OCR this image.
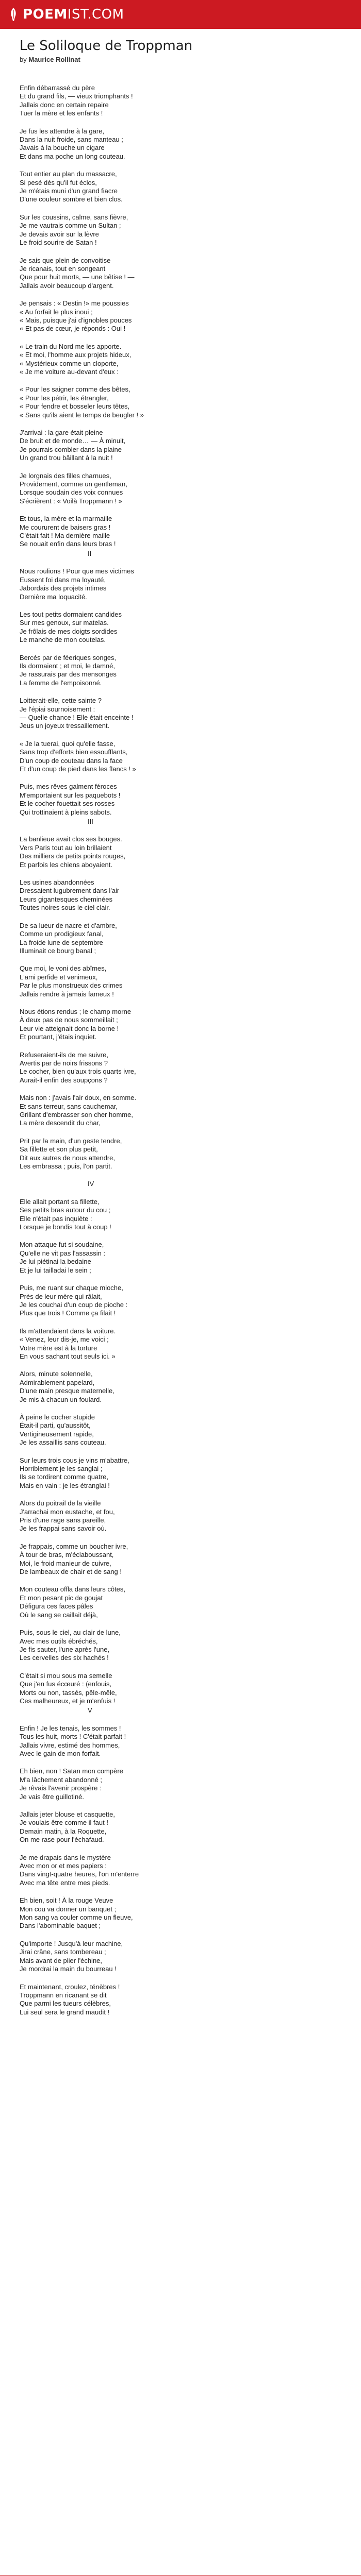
POEM IST.COM
Le Soliloque de Troppman
by Maurice Rollinat

Enfin débarrassé du père
Et du grand fils, — vieux triomphants !
Jallais donc en certain repaire
Tuer la mère et les enfants !

Je fus les attendre à la gare,
Dans la nuit froide, sans manteau ;
Javais à la bouche un cigare
Et dans ma poche un long couteau.

Tout entier au plan du massacre,
Si pesé dès qu'il fut éclos,
Je m'étais muni d'un grand fiacre
D'une couleur sombre et bien clos.

Sur les coussins, calme, sans fièvre,
Je me vautrais comme un Sultan ;
Je devais avoir sur la lèvre
Le froid sourire de Satan !

Je sais que plein de convoitise
Je ricanais, tout en songeant
Que pour huit morts, — une bêtise ! —
Jallais avoir beaucoup d'argent.

Je pensais : « Destin !» me poussies
« Au forfait le plus inoui ;
« Mais, puisque j'ai d'ignobles pouces
« Et pas de cœur, je réponds : Oui !

« Le train du Nord me les apporte.
« Et moi, l'homme aux projets hideux,
« Mystérieux comme un cloporte,
« Je me voiture au-devant d'eux :

« Pour les saigner comme des bêtes,
« Pour les pétrir, les étrangler,
« Pour fendre et bosseler leurs têtes,
« Sans qu'ils aient le temps de beugler ! »

J'arrivai : la gare était pleine
De bruit et de monde… — À minuit,
Je pourrais combler dans la plaine
Un grand trou bâillant à la nuit !

Je lorgnais des filles charnues,
Providement, comme un gentleman,
Lorsque soudain des voix connues
S'écrièrent : « Voilà Troppmann ! »

Et tous, la mère et la marmaille
Me coururent de baisers gras !
C'était fait ! Ma dernière maille
Se nouait enfin dans leurs bras !

II

Nous roulions ! Pour que mes victimes
Eussent foi dans ma loyauté,
Jabordais des projets intimes
Dernière ma loquacité.

Les tout petits dormaient candides
Sur mes genoux, sur matelas.
Je frôlais de mes doigts sordides
Le manche de mon coutelas.

Bercés par de féeriques songes,
Ils dormaient ; et moi, le damné,
Je rassurais par des mensonges
La femme de l'empoisonné.

Loitterait-elle, cette sainte ?
Je l'épiai sournoisement :
— Quelle chance ! Elle était enceinte !
Jeus un joyeux tressaillement.

« Je la tuerai, quoi qu'elle fasse,
Sans trop d'efforts bien essoufflants,
D'un coup de couteau dans la face
Et d'un coup de pied dans les flancs ! »

Puis, mes rêves galment féroces
M'emportaient sur les paquebots !
Et le cocher fouettait ses rosses
Qui trottinaient à pleins sabots.

III

La banlieue avait clos ses bouges.
Vers Paris tout au loin brillaient
Des milliers de petits points rouges,
Et parfois les chiens aboyaient.

Les usines abandonnées
Dressaient lugubrement dans l'air
Leurs gigantesques cheminées
Toutes noires sous le ciel clair.

De sa lueur de nacre et d'ambre,
Comme un prodigieux fanal,
La froide lune de septembre
Illuminait ce bourg banal ;

Que moi, le voni des abîmes,
L'ami perfide et venimeux,
Par le plus monstrueux des crimes
Jallais rendre à jamais fameux !

Nous étions rendus ; le champ morne
À deux pas de nous sommeillait ;
Leur vie atteignait donc la borne !
Et pourtant, j'étais inquiet.

Refuseraient-ils de me suivre,
Avertis par de noirs frissons ?
Le cocher, bien qu'aux trois quarts ivre,
Aurait-il enfin des soupçons ?

Mais non : j'avais l'air doux, en somme.
Et sans terreur, sans cauchemar,
Grillant d'embrasser son cher homme,
La mère descendit du char,

Prit par la main, d'un geste tendre,
Sa fillette et son plus petit,
Dit aux autres de nous attendre,
Les embrassa ; puis, l'on partit.

IV

Elle allait portant sa fillette,
Ses petits bras autour du cou ;
Elle n'était pas inquiète :
Lorsque je bondis tout à coup !

Mon attaque fut si soudaine,
Qu'elle ne vit pas l'assassin :
Je lui piétinai la bedaine
Et je lui tailladai le sein ;

Puis, me ruant sur chaque mioche,
Près de leur mère qui râlait,
Je les couchai d'un coup de pioche :
Plus que trois ! Comme ça filait !

Ils m'attendaient dans la voiture.
« Venez, leur dis-je, me voici ;
Votre mère est à la torture
En vous sachant tout seuls ici. »

Alors, minute solennelle,
Admirablement papelard,
D'une main presque maternelle,
Je mis à chacun un foulard.

À peine le cocher stupide
Était-il parti, qu'aussitôt,
Vertigineusement rapide,
Je les assaillis sans couteau.

Sur leurs trois cous je vins m'abattre,
Horriblement je les sanglai ;
Ils se tordirent comme quatre,
Mais en vain : je les étranglai !

Alors du poitrail de la vieille
J'arrachai mon eustache, et fou,
Pris d'une rage sans pareille,
Je les frappai sans savoir où.

Je frappais, comme un boucher ivre,
À tour de bras, m'éclaboussant,
Moi, le froid manieur de cuivre,
De lambeaux de chair et de sang !

Mon couteau offla dans leurs côtes,
Et mon pesant pic de goujat
Défigura ces faces pâles
Où le sang se caillait déjà,

Puis, sous le ciel, au clair de lune,
Avec mes outils ébréchés,
Je fis sauter, l'une après l'une,
Les cervelles des six hachés !

C'était si mou sous ma semelle
Que j'en fus écœuré : (enfouis,
Morts ou non, tassés, pêle-mêle,
Ces malheureux, et je m'enfuis !

V

Enfin ! Je les tenais, les sommes !
Tous les huit, morts ! C'était parfait !
Jallais vivre, estimé des hommes,
Avec le gain de mon forfait.

Eh bien, non ! Satan mon compère
M'a lâchement abandonné ;
Je rêvais l'avenir prospère :
Je vais être guillotiné.

Jallais jeter blouse et casquette,
Je voulais être comme il faut !
Demain matin, à la Roquette,
On me rase pour l'échafaud.

Je me drapais dans le mystère
Avec mon or et mes papiers :
Dans vingt-quatre heures, l'on m'enterre
Avec ma tête entre mes pieds.

Eh bien, soit ! À la rouge Veuve
Mon cou va donner un banquet ;
Mon sang va couler comme un fleuve,
Dans l'abominable baquet ;

Qu'importe ! Jusqu'à leur machine,
Jirai crâne, sans tombereau ;
Mais avant de plier l'échine,
Je mordrai la main du bourreau !

Et maintenant, croulez, ténèbres !
Troppmann en ricanant se dit
Que parmi les tueurs célèbres,
Lui seul sera le grand maudit !
